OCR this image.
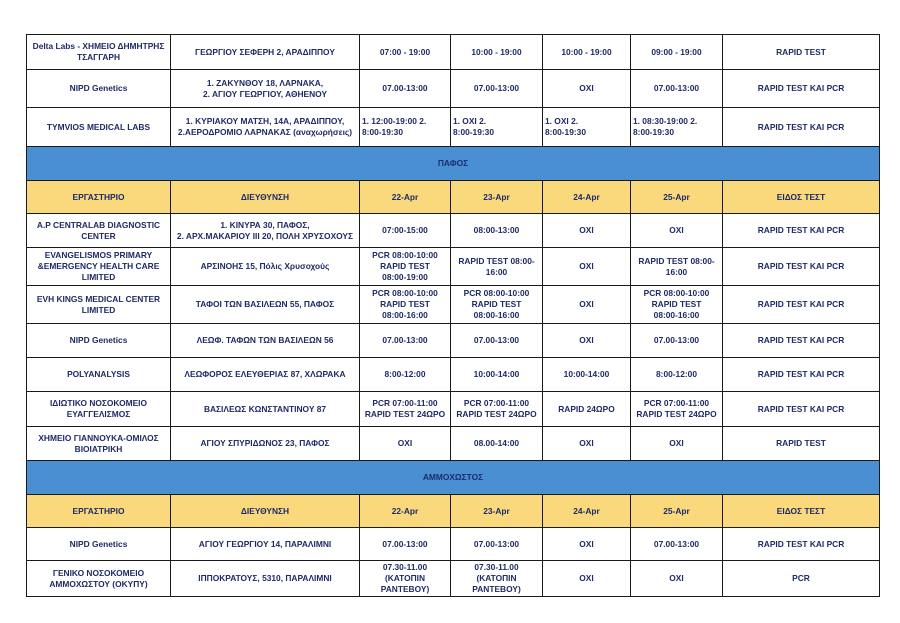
Delta Labs - ΧΗΜΕΙΟ ΔΗΜΗΤΡΗΣ
ΤΣΑΓΓΑΡΗ	ΓΕΩΡΓΙΟΥ ΣΕΦΕΡΗ 2, ΑΡΑΔΙΠΠΟΥ	07:00 - 19:00	10:00 - 19:00	10:00 - 19:00	09:00 - 19:00	RAPID TEST
NIPD Genetics	1. ΖΑΚΥΝΘΟΥ 18, ΛΑΡΝΑΚΑ,
2. ΑΓΙΟΥ ΓΕΩΡΓΙΟΥ, ΑΘΗΕΝΟΥ	07.00-13:00	07.00-13:00	ΟΧΙ	07.00-13:00	RAPID TEST ΚΑΙ PCR
TYMVIOS MEDICAL LABS	1. ΚΥΡΙΑΚΟΥ ΜΑΤΣΗ, 14Α, ΑΡΑΔΙΠΠΟΥ,
2.ΑΕΡΟΔΡΟΜΙΟ ΛΑΡΝΑΚΑΣ (αναχωρήσεις)	1. 12:00-19:00 2.
8:00-19:30	1. ΟΧΙ 2.
8:00-19:30	1. ΟΧΙ 2.
8:00-19:30	1. 08:30-19:00 2.
8:00-19:30	RAPID TEST ΚΑΙ PCR
ΠΑΦΟΣ						
ΕΡΓΑΣΤΗΡΙΟ	ΔΙΕΥΘΥΝΣΗ	22-Apr	23-Apr	24-Apr	25-Apr	ΕΙΔΟΣ ΤΕΣΤ
A.P CENTRALAB DIAGNOSTIC
CENTER	1. ΚΙΝΥΡΑ 30, ΠΑΦΟΣ,
2. ΑΡΧ.ΜΑΚΑΡΙΟΥ ΙΙΙ 20, ΠΟΛΗ ΧΡΥΣΟΧΟΥΣ	07:00-15:00	08:00-13:00	ΟΧΙ	ΟΧΙ	RAPID TEST ΚΑΙ PCR
EVANGELISMOS PRIMARY
&EMERGENCY HEALTH CARE
LIMITED	ΑΡΣΙΝΟΗΣ 15, Πόλις Χρυσοχούς	PCR 08:00-10:00
RAPID TEST
08:00-19:00	RAPID TEST 08:00-
16:00	ΟΧΙ	RAPID TEST 08:00-
16:00	RAPID TEST ΚΑΙ PCR
EVH KINGS MEDICAL CENTER
LIMITED	ΤΑΦΟΙ ΤΩΝ ΒΑΣΙΛΕΩΝ 55, ΠΑΦΟΣ	PCR 08:00-10:00
RAPID TEST
08:00-16:00	PCR 08:00-10:00
RAPID TEST
08:00-16:00	ΟΧΙ	PCR 08:00-10:00
RAPID TEST
08:00-16:00	RAPID TEST ΚΑΙ PCR
NIPD Genetics	ΛΕΩΦ. ΤΑΦΩΝ ΤΩΝ ΒΑΣΙΛΕΩΝ 56	07.00-13:00	07.00-13:00	ΟΧΙ	07.00-13:00	RAPID TEST ΚΑΙ PCR
POLYANALYSIS	ΛΕΩΦΟΡΟΣ ΕΛΕΥΘΕΡΙΑΣ 87, ΧΛΩΡΑΚΑ	8:00-12:00	10:00-14:00	10:00-14:00	8:00-12:00	RAPID TEST ΚΑΙ PCR
ΙΔΙΩΤΙΚΟ ΝΟΣΟΚΟΜΕΙΟ
ΕΥΑΓΓΕΛΙΣΜΟΣ	ΒΑΣΙΛΕΩΣ ΚΩΝΣΤΑΝΤΙΝΟΥ 87	PCR 07:00-11:00
RAPID TEST 24ΩΡΟ	PCR 07:00-11:00
RAPID TEST 24ΩΡΟ	RAPID 24ΩΡΟ	PCR 07:00-11:00
RAPID TEST 24ΩΡΟ	RAPID TEST ΚΑΙ PCR
ΧΗΜΕΙΟ ΓΙΑΝΝΟΥΚΑ-ΟΜΙΛΟΣ
ΒΙΟΙΑΤΡΙΚΗ	ΑΓΙΟΥ ΣΠΥΡΙΔΩΝΟΣ 23, ΠΑΦΟΣ	ΟΧΙ	08.00-14:00	ΟΧΙ	ΟΧΙ	RAPID TEST
ΑΜΜΟΧΩΣΤΟΣ						
ΕΡΓΑΣΤΗΡΙΟ	ΔΙΕΥΘΥΝΣΗ	22-Apr	23-Apr	24-Apr	25-Apr	ΕΙΔΟΣ ΤΕΣΤ
NIPD Genetics	ΑΓΙΟΥ ΓΕΩΡΓΙΟΥ 14, ΠΑΡΑΛΙΜΝΙ	07.00-13:00	07.00-13:00	ΟΧΙ	07.00-13:00	RAPID TEST ΚΑΙ PCR
ΓΕΝΙΚΟ ΝΟΣΟΚΟΜΕΙΟ
ΑΜΜΟΧΩΣΤΟΥ (ΟΚΥΠΥ)	ΙΠΠΟΚΡΑΤΟΥΣ, 5310, ΠΑΡΑΛΙΜΝΙ	07.30-11.00
(ΚΑΤΟΠΙΝ
ΡΑΝΤΕΒΟΥ)	07.30-11.00
(ΚΑΤΟΠΙΝ
ΡΑΝΤΕΒΟΥ)	ΟΧΙ	ΟΧΙ	PCR
